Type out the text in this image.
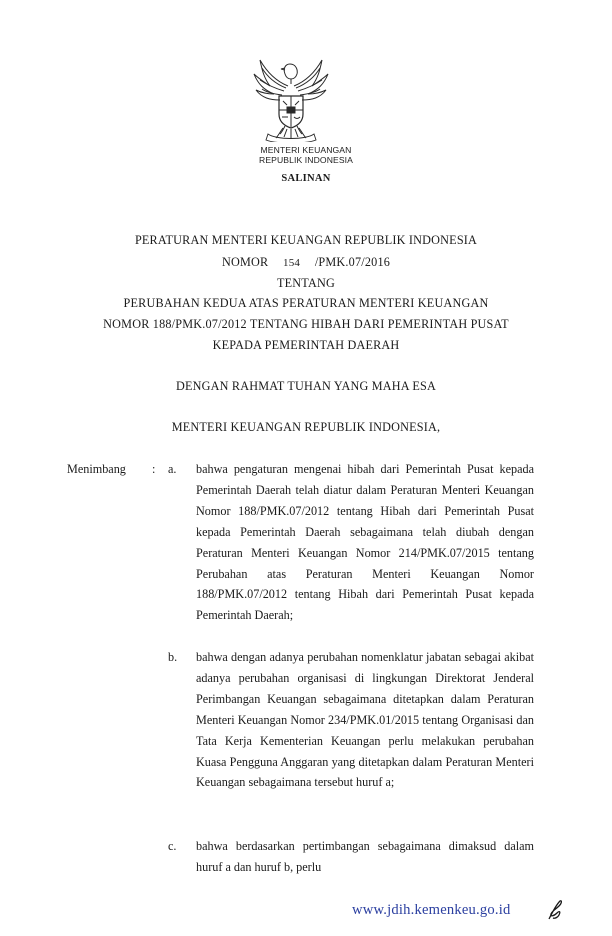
MENTERI KEUANGAN
REPUBLIK INDONESIA
SALINAN
PERATURAN MENTERI KEUANGAN REPUBLIK INDONESIA
NOMOR 154 /PMK.07/2016
TENTANG
PERUBAHAN KEDUA ATAS PERATURAN MENTERI KEUANGAN
NOMOR 188/PMK.07/2012 TENTANG HIBAH DARI PEMERINTAH PUSAT
KEPADA PEMERINTAH DAERAH
DENGAN RAHMAT TUHAN YANG MAHA ESA
MENTERI KEUANGAN REPUBLIK INDONESIA,
Menimbang : a. bahwa pengaturan mengenai hibah dari Pemerintah Pusat kepada Pemerintah Daerah telah diatur dalam Peraturan Menteri Keuangan Nomor 188/PMK.07/2012 tentang Hibah dari Pemerintah Pusat kepada Pemerintah Daerah sebagaimana telah diubah dengan Peraturan Menteri Keuangan Nomor 214/PMK.07/2015 tentang Perubahan atas Peraturan Menteri Keuangan Nomor 188/PMK.07/2012 tentang Hibah dari Pemerintah Pusat kepada Pemerintah Daerah;
b. bahwa dengan adanya perubahan nomenklatur jabatan sebagai akibat adanya perubahan organisasi di lingkungan Direktorat Jenderal Perimbangan Keuangan sebagaimana ditetapkan dalam Peraturan Menteri Keuangan Nomor 234/PMK.01/2015 tentang Organisasi dan Tata Kerja Kementerian Keuangan perlu melakukan perubahan Kuasa Pengguna Anggaran yang ditetapkan dalam Peraturan Menteri Keuangan sebagaimana tersebut huruf a;
c. bahwa berdasarkan pertimbangan sebagaimana dimaksud dalam huruf a dan huruf b, perlu
www.jdih.kemenkeu.go.id
